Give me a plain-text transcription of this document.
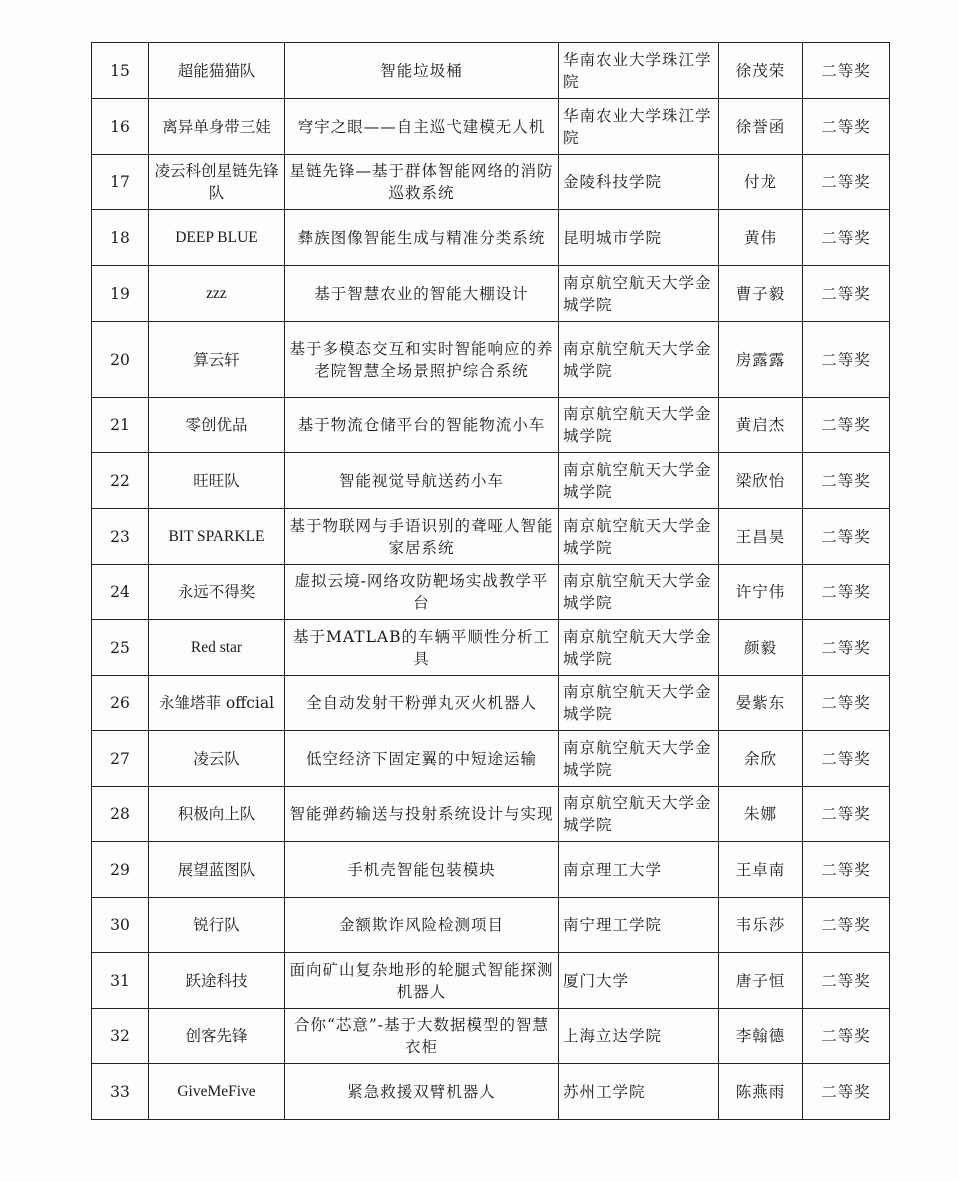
15	超能猫猫队	智能垃圾桶	华南农业大学珠江学院	徐茂荣	二等奖
16	离异单身带三娃	穹宇之眼——自主巡弋建模无人机	华南农业大学珠江学院	徐誉函	二等奖
17	凌云科创星链先锋队	星链先锋—基于群体智能网络的消防巡救系统	金陵科技学院	付龙	二等奖
18	DEEP BLUE	彝族图像智能生成与精准分类系统	昆明城市学院	黄伟	二等奖
19	zzz	基于智慧农业的智能大棚设计	南京航空航天大学金城学院	曹子毅	二等奖
20	算云轩	基于多模态交互和实时智能响应的养老院智慧全场景照护综合系统	南京航空航天大学金城学院	房露露	二等奖
21	零创优品	基于物流仓储平台的智能物流小车	南京航空航天大学金城学院	黄启杰	二等奖
22	旺旺队	智能视觉导航送药小车	南京航空航天大学金城学院	梁欣怡	二等奖
23	BIT SPARKLE	基于物联网与手语识别的聋哑人智能家居系统	南京航空航天大学金城学院	王昌昊	二等奖
24	永远不得奖	虚拟云境-网络攻防靶场实战教学平台	南京航空航天大学金城学院	许宁伟	二等奖
25	Red star	基于MATLAB的车辆平顺性分析工具	南京航空航天大学金城学院	颜毅	二等奖
26	永雏塔菲 offcial	全自动发射干粉弹丸灭火机器人	南京航空航天大学金城学院	晏紫东	二等奖
27	凌云队	低空经济下固定翼的中短途运输	南京航空航天大学金城学院	余欣	二等奖
28	积极向上队	智能弹药输送与投射系统设计与实现	南京航空航天大学金城学院	朱娜	二等奖
29	展望蓝图队	手机壳智能包装模块	南京理工大学	王卓南	二等奖
30	锐行队	金额欺诈风险检测项目	南宁理工学院	韦乐莎	二等奖
31	跃途科技	面向矿山复杂地形的轮腿式智能探测机器人	厦门大学	唐子恒	二等奖
32	创客先锋	合你“芯意”-基于大数据模型的智慧衣柜	上海立达学院	李翰德	二等奖
33	GiveMeFive	紧急救援双臂机器人	苏州工学院	陈燕雨	二等奖
